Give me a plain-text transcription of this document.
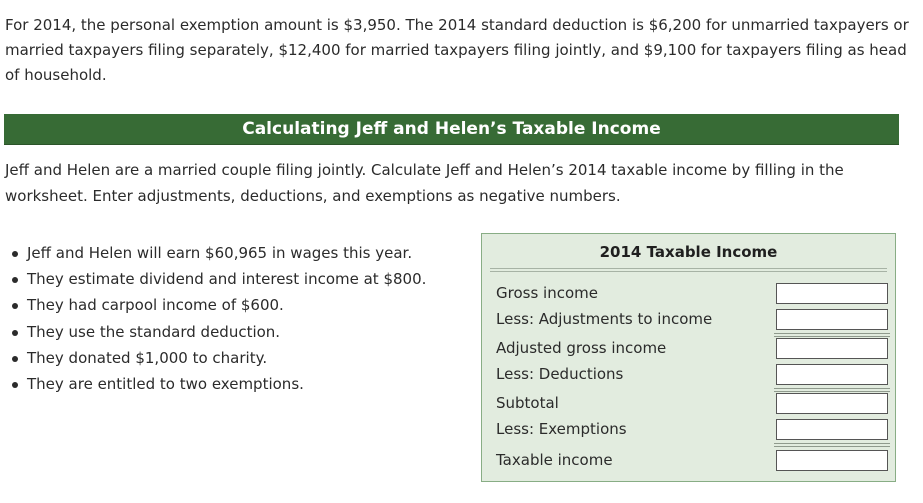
For 2014, the personal exemption amount is $3,950. The 2014 standard deduction is $6,200 for unmarried taxpayers or married taxpayers filing separately, $12,400 for married taxpayers filing jointly, and $9,100 for taxpayers filing as head of household.

Calculating Jeff and Helen’s Taxable Income

Jeff and Helen are a married couple filing jointly. Calculate Jeff and Helen’s 2014 taxable income by filling in the worksheet. Enter adjustments, deductions, and exemptions as negative numbers.

Jeff and Helen will earn $60,965 in wages this year.
They estimate dividend and interest income at $800.
They had carpool income of $600.
They use the standard deduction.
They donated $1,000 to charity.
They are entitled to two exemptions.
2014 Taxable Income
Gross income
Less: Adjustments to income
Adjusted gross income
Less: Deductions
Subtotal
Less: Exemptions
Taxable income
